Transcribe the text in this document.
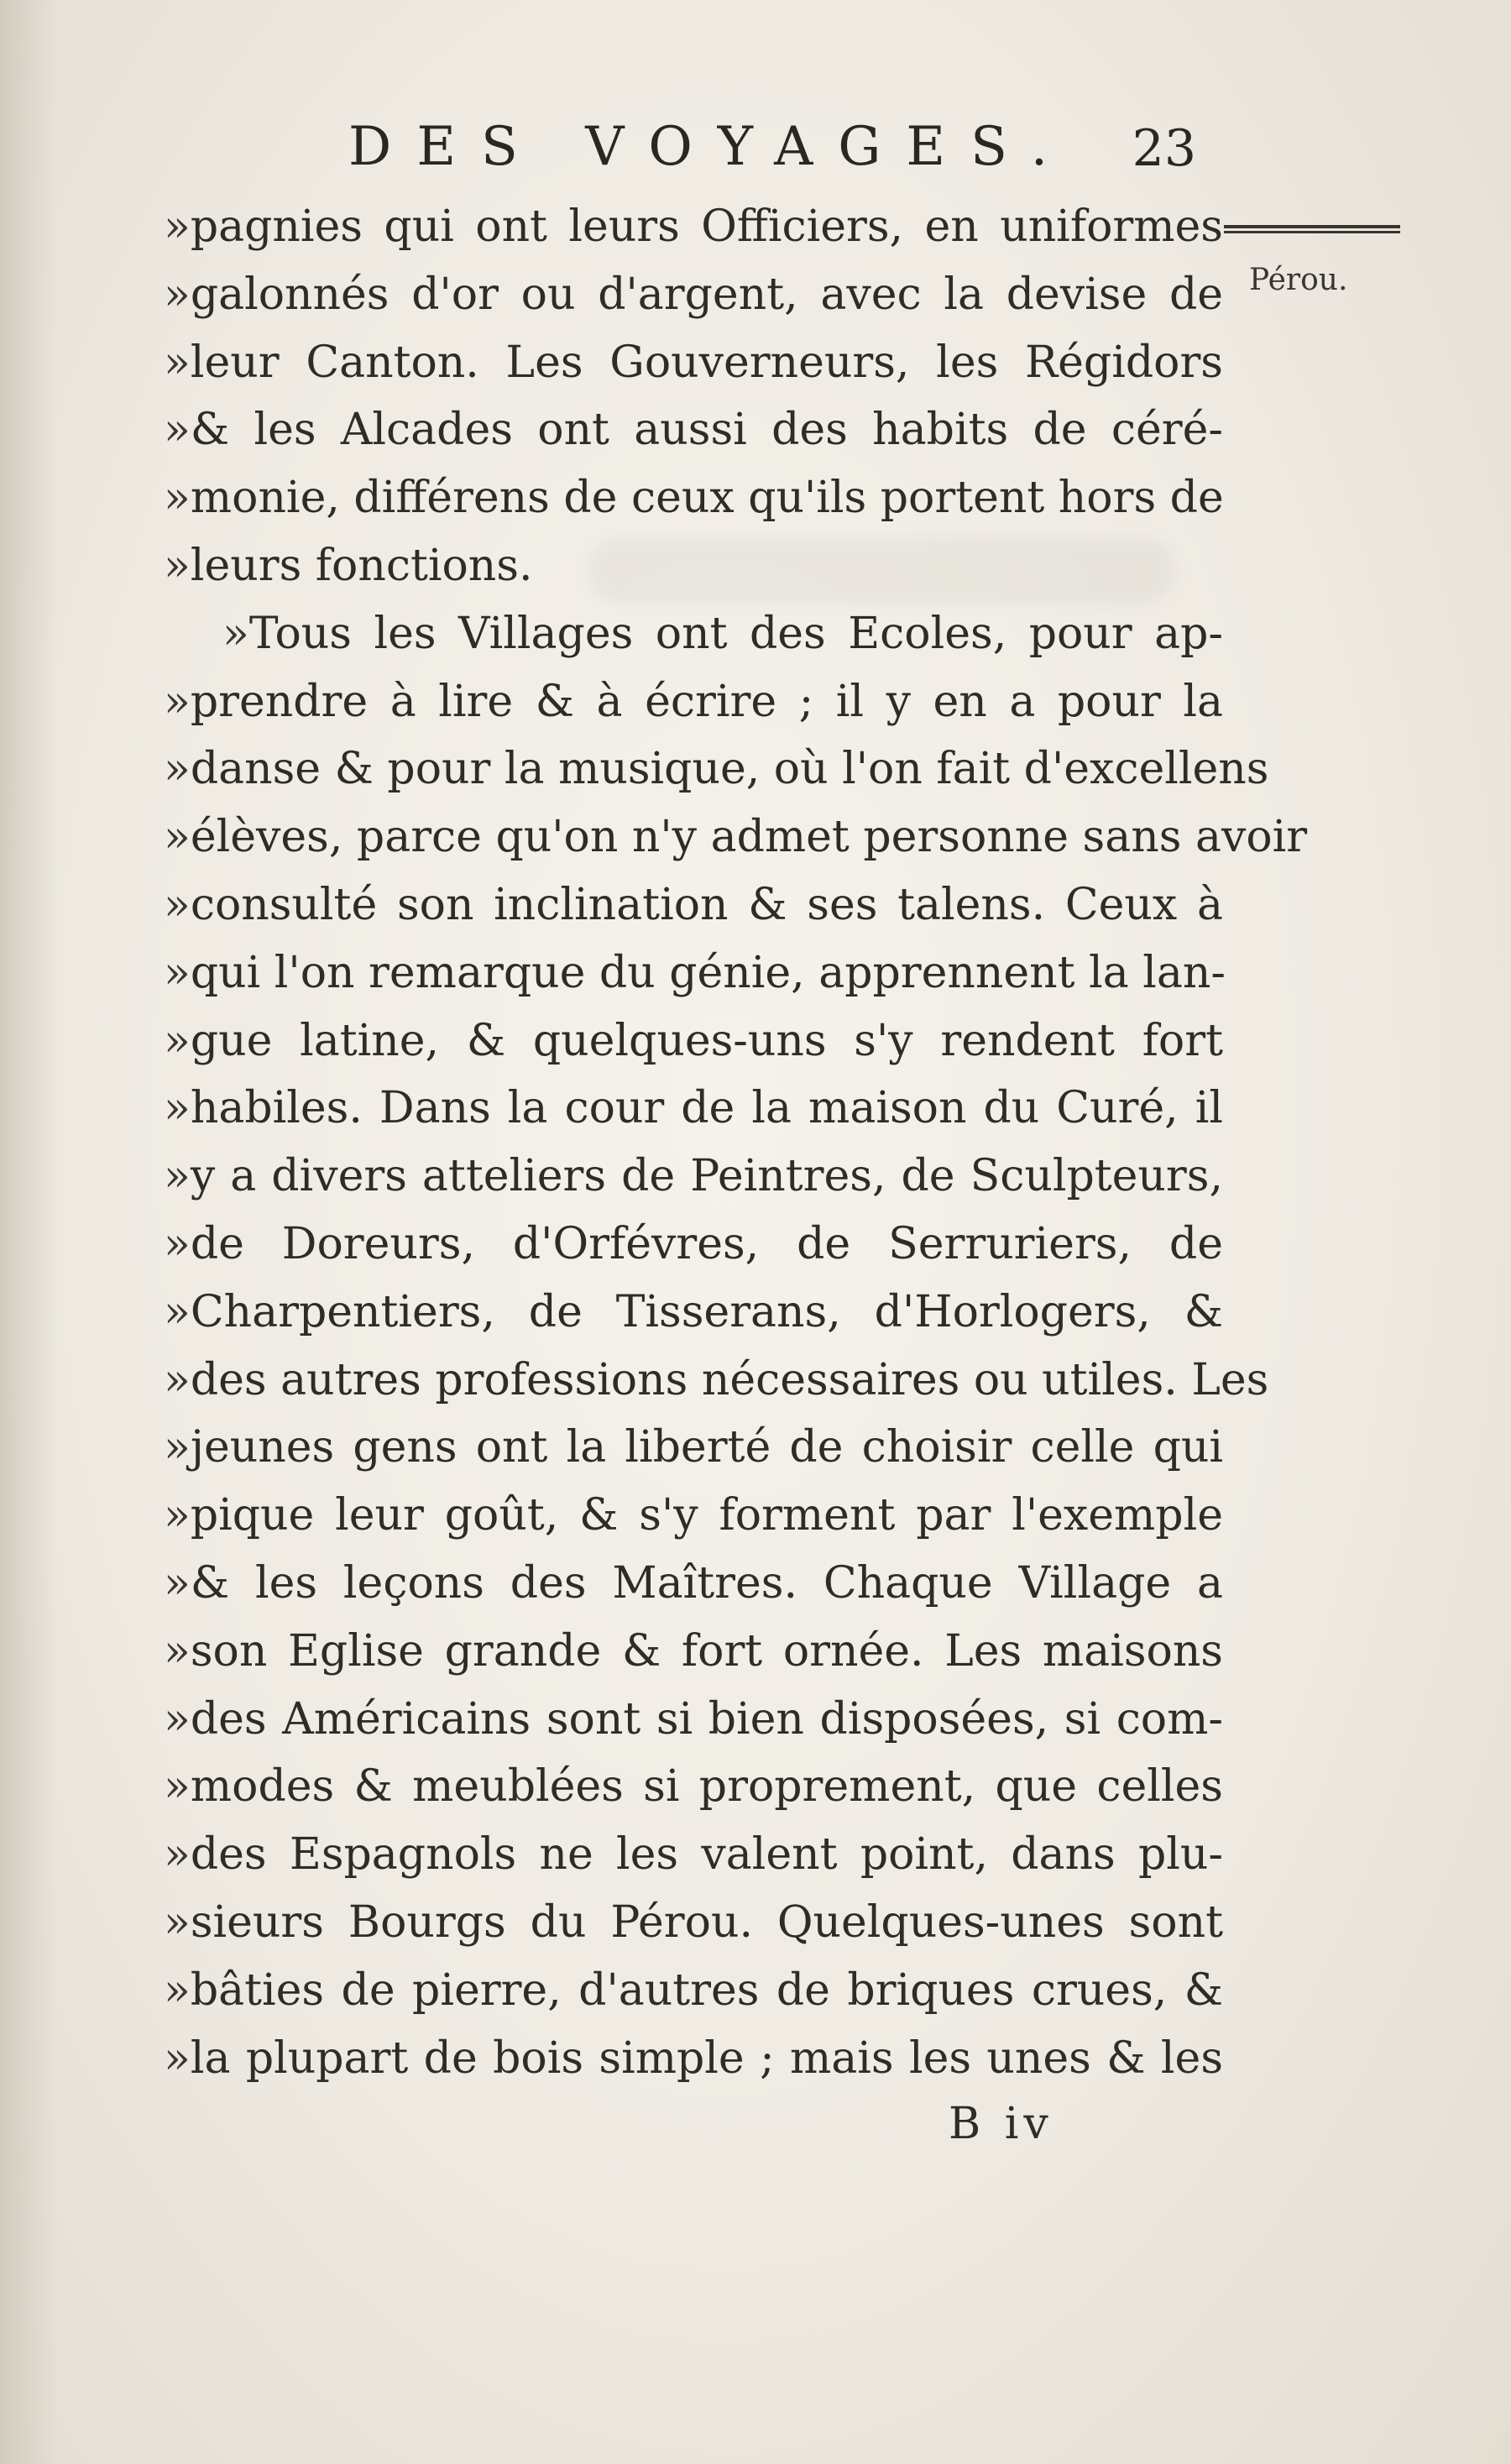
DES VOYAGES. 23
Pérou.
»pagnies qui ont leurs Officiers, en uniformes
»galonnés d'or ou d'argent, avec la devise de
»leur Canton. Les Gouverneurs, les Régidors
»& les Alcades ont aussi des habits de céré-
»monie, différens de ceux qu'ils portent hors de
»leurs fonctions.
»Tous les Villages ont des Ecoles, pour ap-
»prendre à lire & à écrire ; il y en a pour la
»danse & pour la musique, où l'on fait d'excellens
»élèves, parce qu'on n'y admet personne sans avoir
»consulté son inclination & ses talens. Ceux à
»qui l'on remarque du génie, apprennent la lan-
»gue latine, & quelques-uns s'y rendent fort
»habiles. Dans la cour de la maison du Curé, il
»y a divers atteliers de Peintres, de Sculpteurs,
»de Doreurs, d'Orfévres, de Serruriers, de
»Charpentiers, de Tisserans, d'Horlogers, &
»des autres professions nécessaires ou utiles. Les
»jeunes gens ont la liberté de choisir celle qui
»pique leur goût, & s'y forment par l'exemple
»& les leçons des Maîtres. Chaque Village a
»son Eglise grande & fort ornée. Les maisons
»des Américains sont si bien disposées, si com-
»modes & meublées si proprement, que celles
»des Espagnols ne les valent point, dans plu-
»sieurs Bourgs du Pérou. Quelques-unes sont
»bâties de pierre, d'autres de briques crues, &
»la plupart de bois simple ; mais les unes & les
B iv
